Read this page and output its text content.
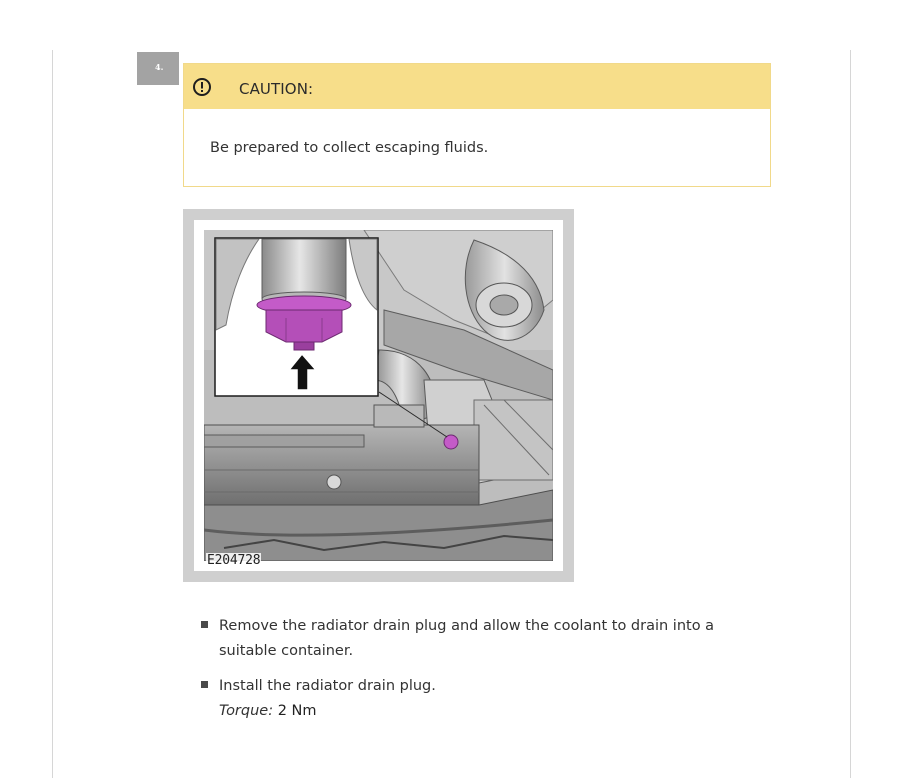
4.
CAUTION:
Be prepared to collect escaping fluids.
E204728
Remove the radiator drain plug and allow the coolant to drain into a suitable container.
Install the radiator drain plug.
Torque: 2 Nm
